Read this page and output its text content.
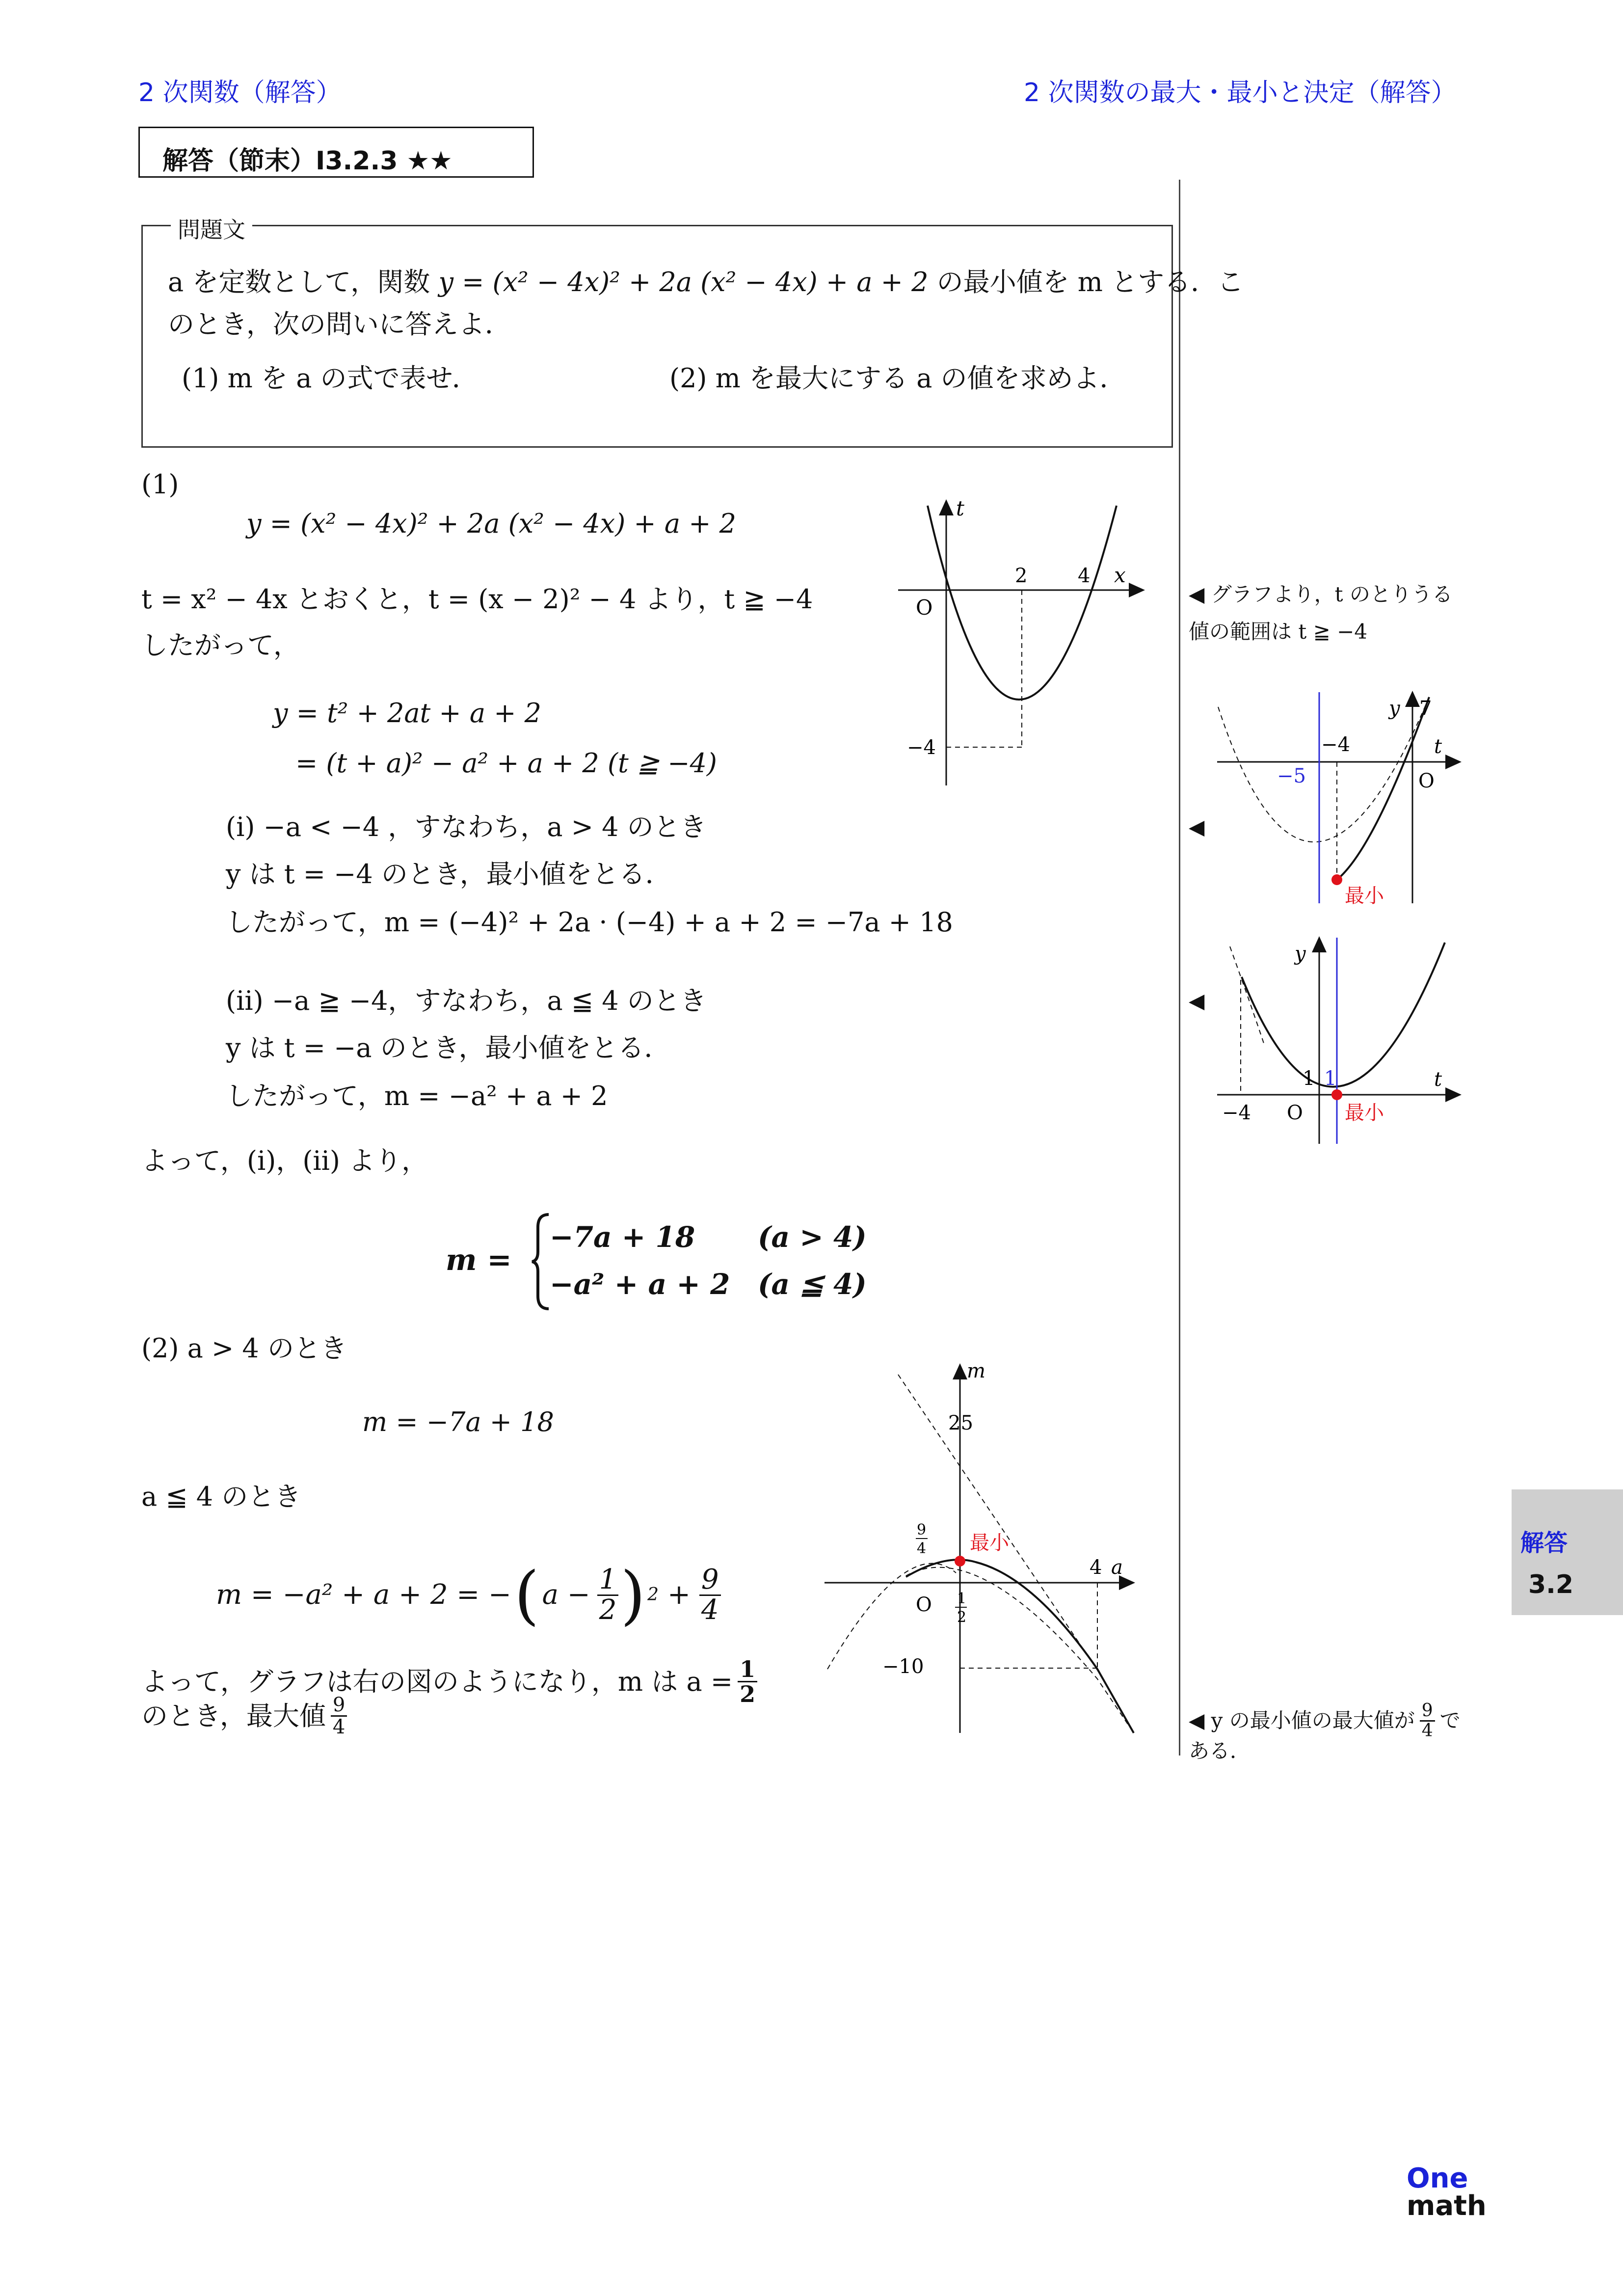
2 次関数（解答）	2 次関数の最大・最小と決定（解答）
解答（節末）I3.2.3 ★★
問題文
a を定数として，関数 y = (x² − 4x)² + 2a (x² − 4x) + a + 2 の最小値を m とする．こ
のとき，次の問いに答えよ．
(1) m を a の式で表せ．	(2) m を最大にする a の値を求めよ．
(1)
y = (x² − 4x)² + 2a (x² − 4x) + a + 2
t = x² − 4x とおくと，t = (x − 2)² − 4 より，t ≧ −4
したがって，
y = t² + 2at + a + 2
= (t + a)² − a² + a + 2 (t ≧ −4)
(i) −a < −4 ，すなわち，a > 4 のとき
y は t = −4 のとき，最小値をとる．
したがって，m = (−4)² + 2a · (−4) + a + 2 = −7a + 18
(ii) −a ≧ −4，すなわち，a ≦ 4 のとき
y は t = −a のとき，最小値をとる．
したがって，m = −a² + a + 2
よって，(i)，(ii) より，
m =
−7a + 18 (a > 4)
−a² + a + 2 (a ≦ 4)
(2) a > 4 のとき
m = −7a + 18
a ≦ 4 のとき
m = −a² + a + 2 = − ( $a - \frac{1}{2}$ ) $2 + \frac{9}{4}$
よって，グラフは右の図のようになり，m は $a = \frac{1}{2}$
のとき，最大値 $\frac{9}{4}$
◀ グラフより，t のとりうる
値の範囲は t ≧ −4
◀
◀
◀ y の最小値の最大値が $\frac{9}{4}$ で
ある．
解答
3.2
t
x
O
2	4
−4
y 7
t
O
−4
−5
最小
y
t
1 1
−4 O 最小
m
25
最小
4 a
O
−10
9
4
1
2
One
math
